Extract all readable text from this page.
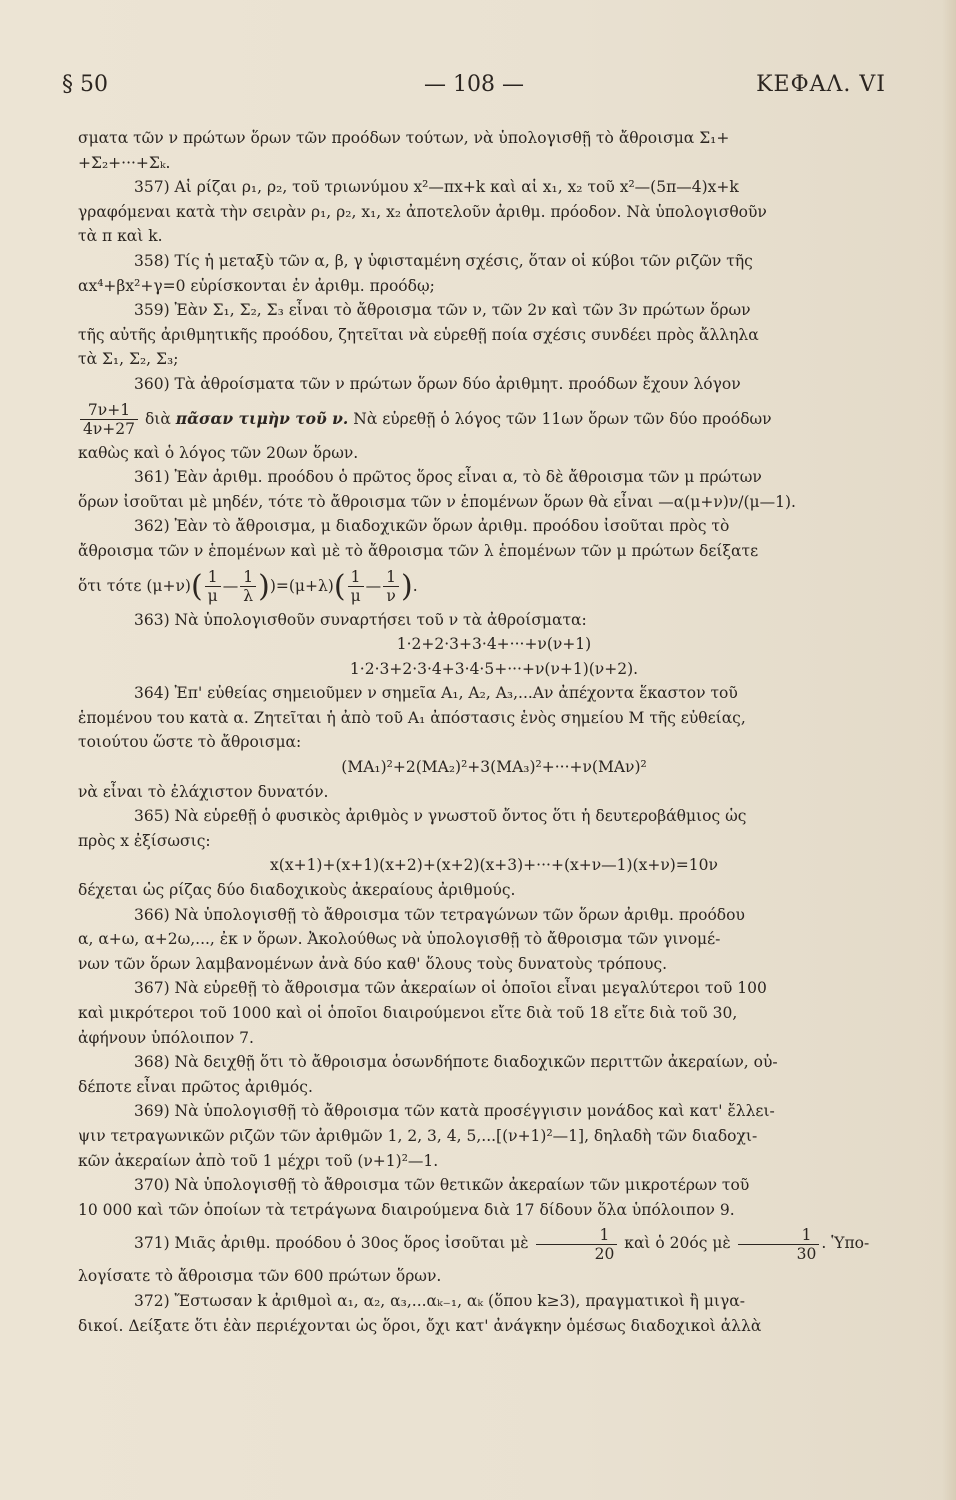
§ 50	— 108 —	ΚΕΦΑΛ. VI

σματα τῶν ν πρώτων ὅρων τῶν προόδων τούτων, νὰ ὑπολογισθῇ τὸ ἄθροισμα Σ₁+

+Σ₂+···+Σₖ.

357) Αἱ ρίζαι ρ₁, ρ₂, τοῦ τριωνύμου x²—πx+k καὶ αἱ x₁, x₂ τοῦ x²—(5π—4)x+k

γραφόμεναι κατὰ τὴν σειρὰν ρ₁, ρ₂, x₁, x₂ ἀποτελοῦν ἀριθμ. πρόοδον. Νὰ ὑπολογισθοῦν

τὰ π καὶ k.

358) Τίς ἡ μεταξὺ τῶν α, β, γ ὑφισταμένη σχέσις, ὅταν οἱ κύβοι τῶν ριζῶν τῆς

αx⁴+βx²+γ=0 εὑρίσκονται ἐν ἀριθμ. προόδῳ;

359) Ἐὰν Σ₁, Σ₂, Σ₃ εἶναι τὸ ἄθροισμα τῶν ν, τῶν 2ν καὶ τῶν 3ν πρώτων ὅρων

τῆς αὐτῆς ἀριθμητικῆς προόδου, ζητεῖται νὰ εὑρεθῇ ποία σχέσις συνδέει πρὸς ἄλληλα

τὰ Σ₁, Σ₂, Σ₃;

360) Τὰ ἀθροίσματα τῶν ν πρώτων ὅρων δύο ἀριθμητ. προόδων ἔχουν λόγον

$\frac{7\nu+1}{4\nu+27}$ διὰ πᾶσαν τιμὴν τοῦ ν. Νὰ εὑρεθῇ ὁ λόγος τῶν 11ων ὅρων τῶν δύο προόδων

καθὼς καὶ ὁ λόγος τῶν 20ων ὅρων.

361) Ἐὰν ἀριθμ. προόδου ὁ πρῶτος ὅρος εἶναι α, τὸ δὲ ἄθροισμα τῶν μ πρώτων

ὅρων ἰσοῦται μὲ μηδέν, τότε τὸ ἄθροισμα τῶν ν ἑπομένων ὅρων θὰ εἶναι —α(μ+ν)ν/(μ—1).

362) Ἐὰν τὸ ἄθροισμα, μ διαδοχικῶν ὅρων ἀριθμ. προόδου ἰσοῦται πρὸς τὸ

ἄθροισμα τῶν ν ἑπομένων καὶ μὲ τὸ ἄθροισμα τῶν λ ἑπομένων τῶν μ πρώτων δείξατε

ὅτι τότε $(\mu+\nu)( \frac{1}{\mu}$ — $\frac{1}{\lambda} ))=(\mu+\lambda)( \frac{1}{\mu}$ — $\frac{1}{\nu}$ ).

363) Νὰ ὑπολογισθοῦν συναρτήσει τοῦ ν τὰ ἀθροίσματα:

1·2+2·3+3·4+···+ν(ν+1)

1·2·3+2·3·4+3·4·5+···+ν(ν+1)(ν+2).

364) Ἐπ' εὐθείας σημειοῦμεν ν σημεῖα Α₁, Α₂, Α₃,...Αν ἀπέχοντα ἕκαστον τοῦ

ἑπομένου του κατὰ α. Ζητεῖται ἡ ἀπὸ τοῦ Α₁ ἀπόστασις ἑνὸς σημείου Μ τῆς εὐθείας,

τοιούτου ὥστε τὸ ἄθροισμα:

(ΜΑ₁)²+2(ΜΑ₂)²+3(ΜΑ₃)²+···+ν(ΜΑν)²

νὰ εἶναι τὸ ἐλάχιστον δυνατόν.

365) Νὰ εὑρεθῇ ὁ φυσικὸς ἀριθμὸς ν γνωστοῦ ὄντος ὅτι ἡ δευτεροβάθμιος ὡς

πρὸς x ἐξίσωσις:

x(x+1)+(x+1)(x+2)+(x+2)(x+3)+···+(x+ν—1)(x+ν)=10ν

δέχεται ὡς ρίζας δύο διαδοχικοὺς ἀκεραίους ἀριθμούς.

366) Νὰ ὑπολογισθῇ τὸ ἄθροισμα τῶν τετραγώνων τῶν ὅρων ἀριθμ. προόδου

α, α+ω, α+2ω,..., ἐκ ν ὅρων. Ἀκολούθως νὰ ὑπολογισθῇ τὸ ἄθροισμα τῶν γινομέ-

νων τῶν ὅρων λαμβανομένων ἀνὰ δύο καθ' ὅλους τοὺς δυνατοὺς τρόπους.

367) Νὰ εὑρεθῇ τὸ ἄθροισμα τῶν ἀκεραίων οἱ ὁποῖοι εἶναι μεγαλύτεροι τοῦ 100

καὶ μικρότεροι τοῦ 1000 καὶ οἱ ὁποῖοι διαιρούμενοι εἴτε διὰ τοῦ 18 εἴτε διὰ τοῦ 30,

ἀφήνουν ὑπόλοιπον 7.

368) Νὰ δειχθῇ ὅτι τὸ ἄθροισμα ὁσωνδήποτε διαδοχικῶν περιττῶν ἀκεραίων, οὐ-

δέποτε εἶναι πρῶτος ἀριθμός.

369) Νὰ ὑπολογισθῇ τὸ ἄθροισμα τῶν κατὰ προσέγγισιν μονάδος καὶ κατ' ἔλλει-

ψιν τετραγωνικῶν ριζῶν τῶν ἀριθμῶν 1, 2, 3, 4, 5,...[(ν+1)²—1], δηλαδὴ τῶν διαδοχι-

κῶν ἀκεραίων ἀπὸ τοῦ 1 μέχρι τοῦ (ν+1)²—1.

370) Νὰ ὑπολογισθῇ τὸ ἄθροισμα τῶν θετικῶν ἀκεραίων τῶν μικροτέρων τοῦ

10 000 καὶ τῶν ὁποίων τὰ τετράγωνα διαιρούμενα διὰ 17 δίδουν ὅλα ὑπόλοιπον 9.

371) Μιᾶς ἀριθμ. προόδου ὁ 30ος ὅρος ἰσοῦται μὲ $\frac{1}{20}$ καὶ ὁ 20ός μὲ $\frac{1}{30}$ . Ὑπο-

λογίσατε τὸ ἄθροισμα τῶν 600 πρώτων ὅρων.

372) Ἔστωσαν k ἀριθμοὶ α₁, α₂, α₃,...αₖ₋₁, αₖ (ὅπου k≥3), πραγματικοὶ ἢ μιγα-

δικοί. Δείξατε ὅτι ἐὰν περιέχονται ὡς ὅροι, ὄχι κατ' ἀνάγκην ὁμέσως διαδοχικοὶ ἀλλὰ
